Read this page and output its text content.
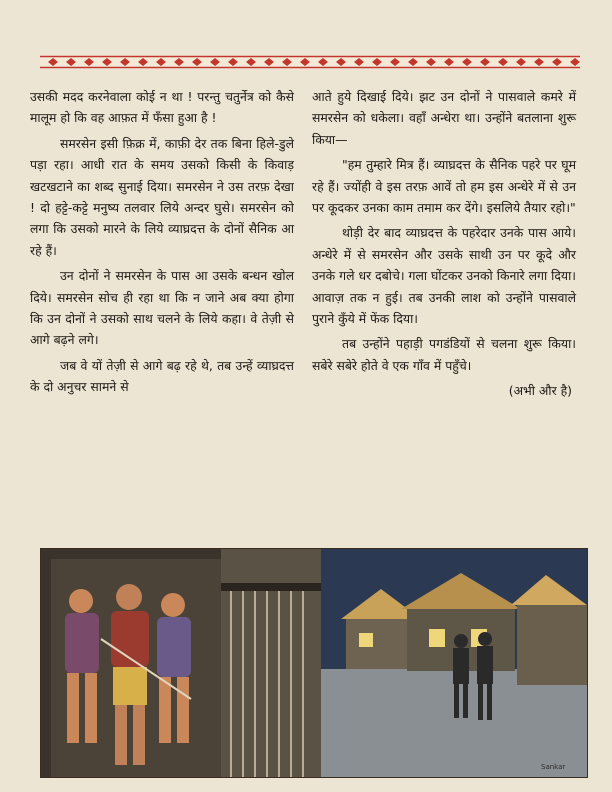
उसकी मदद करनेवाला कोई न था ! परन्तु चतुर्नेत्र को कैसे मालूम हो कि वह आफ़त में फँसा हुआ है !

समरसेन इसी फ़िक्र में, काफ़ी देर तक बिना हिले-डुले पड़ा रहा। आधी रात के समय उसको किसी के किवाड़ खटखटाने का शब्द सुनाई दिया। समरसेन ने उस तरफ़ देखा ! दो हट्टे-कट्टे मनुष्य तलवार लिये अन्दर घुसे। समरसेन को लगा कि उसको मारने के लिये व्याघ्रदत्त के दोनों सैनिक आ रहे हैं।

उन दोनों ने समरसेन के पास आ उसके बन्धन खोल दिये। समरसेन सोच ही रहा था कि न जाने अब क्या होगा कि उन दोनों ने उसको साथ चलने के लिये कहा। वे तेज़ी से आगे बढ़ने लगे।

जब वे यों तेज़ी से आगे बढ़ रहे थे, तब उन्हें व्याघ्रदत्त के दो अनुचर सामने से

आते हुये दिखाई दिये। झट उन दोनों ने पासवाले कमरे में समरसेन को धकेला। वहाँ अन्धेरा था। उन्होंने बतलाना शुरू किया—

"हम तुम्हारे मित्र हैं। व्याघ्रदत्त के सैनिक पहरे पर घूम रहे हैं। ज्योंही वे इस तरफ़ आवें तो हम इस अन्धेरे में से उन पर कूदकर उनका काम तमाम कर देंगे। इसलिये तैयार रहो।"

थोड़ी देर बाद व्याघ्रदत्त के पहरेदार उनके पास आये। अन्धेरे में से समरसेन और उसके साथी उन पर कूदे और उनके गले धर दबोचे। गला घोंटकर उनको किनारे लगा दिया। आवाज़ तक न हुई। तब उनकी लाश को उन्होंने पासवाले पुराने कुँये में फेंक दिया।

तब उन्होंने पहाड़ी पगडंडियों से चलना शुरू किया। सबेरे सबेरे होते वे एक गाँव में पहुँचे।

(अभी और है)

Sankar
